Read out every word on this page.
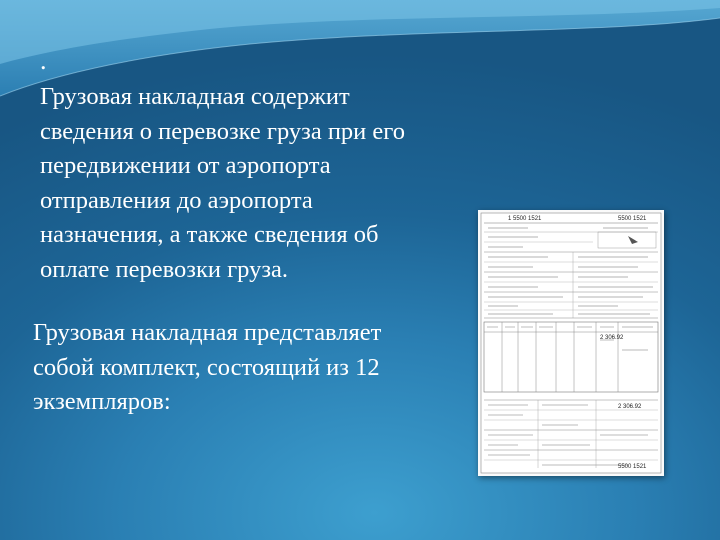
.
Грузовая накладная содержит
сведения о перевозке груза при его
передвижении от аэропорта
отправления до аэропорта
назначения, а также сведения об
оплате перевозки груза.
Грузовая накладная представляет
собой комплект, состоящий из 12
экземпляров:
1 5500 1521	5500 1521
2 306.92
2 306.92
5500 1521
